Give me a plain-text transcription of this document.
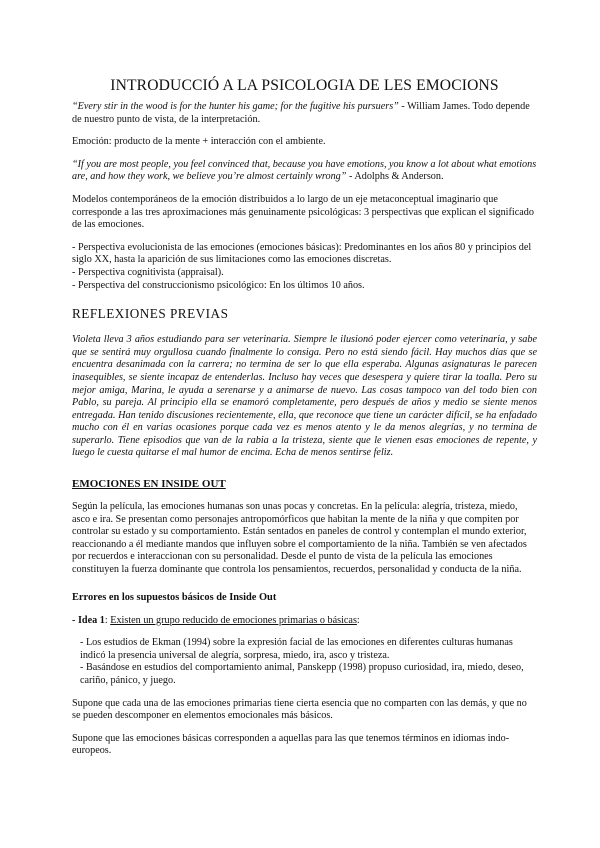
INTRODUCCIÓ A LA PSICOLOGIA DE LES EMOCIONS

“Every stir in the wood is for the hunter his game; for the fugitive his pursuers” - William James. Todo depende de nuestro punto de vista, de la interpretación.

Emoción: producto de la mente + interacción con el ambiente.

“If you are most people, you feel convinced that, because you have emotions, you know a lot about what emotions are, and how they work, we believe you’re almost certainly wrong” - Adolphs & Anderson.

Modelos contemporáneos de la emoción distribuidos a lo largo de un eje metaconceptual imaginario que corresponde a las tres aproximaciones más genuinamente psicológicas: 3 perspectivas que explican el significado de las emociones.

- Perspectiva evolucionista de las emociones (emociones básicas): Predominantes en los años 80 y principios del siglo XX, hasta la aparición de sus limitaciones como las emociones discretas.

- Perspectiva cognitivista (appraisal).

- Perspectiva del construccionismo psicológico: En los últimos 10 años.

REFLEXIONES PREVIAS

Violeta lleva 3 años estudiando para ser veterinaria. Siempre le ilusionó poder ejercer como veterinaria, y sabe que se sentirá muy orgullosa cuando finalmente lo consiga. Pero no está siendo fácil. Hay muchos días que se encuentra desanimada con la carrera; no termina de ser lo que ella esperaba. Algunas asignaturas le parecen inasequibles, se siente incapaz de entenderlas. Incluso hay veces que desespera y quiere tirar la toalla. Pero su mejor amiga, Marina, le ayuda a serenarse y a animarse de nuevo. Las cosas tampoco van del todo bien con Pablo, su pareja. Al principio ella se enamoró completamente, pero después de años y medio se siente menos entregada. Han tenido discusiones recientemente, ella, que reconoce que tiene un carácter difícil, se ha enfadado mucho con él en varias ocasiones porque cada vez es menos atento y le da menos alegrías, y no termina de superarlo. Tiene episodios que van de la rabia a la tristeza, siente que le vienen esas emociones de repente, y luego le cuesta quitarse el mal humor de encima. Echa de menos sentirse feliz.

EMOCIONES EN INSIDE OUT

Según la película, las emociones humanas son unas pocas y concretas. En la película: alegría, tristeza, miedo, asco e ira. Se presentan como personajes antropomórficos que habitan la mente de la niña y que compiten por controlar su estado y su comportamiento. Están sentados en paneles de control y contemplan el mundo exterior, reaccionando a él mediante mandos que influyen sobre el comportamiento de la niña. También se ven afectados por recuerdos e interaccionan con su personalidad. Desde el punto de vista de la película las emociones constituyen la fuerza dominante que controla los pensamientos, recuerdos, personalidad y conducta de la niña.

Errores en los supuestos básicos de Inside Out

- Idea 1: Existen un grupo reducido de emociones primarias o básicas:

- Los estudios de Ekman (1994) sobre la expresión facial de las emociones en diferentes culturas humanas indicó la presencia universal de alegría, sorpresa, miedo, ira, asco y tristeza.

- Basándose en estudios del comportamiento animal, Panskepp (1998) propuso curiosidad, ira, miedo, deseo, cariño, pánico, y juego.

Supone que cada una de las emociones primarias tiene cierta esencia que no comparten con las demás, y que no se pueden descomponer en elementos emocionales más básicos.

Supone que las emociones básicas corresponden a aquellas para las que tenemos términos en idiomas indo-europeos.
